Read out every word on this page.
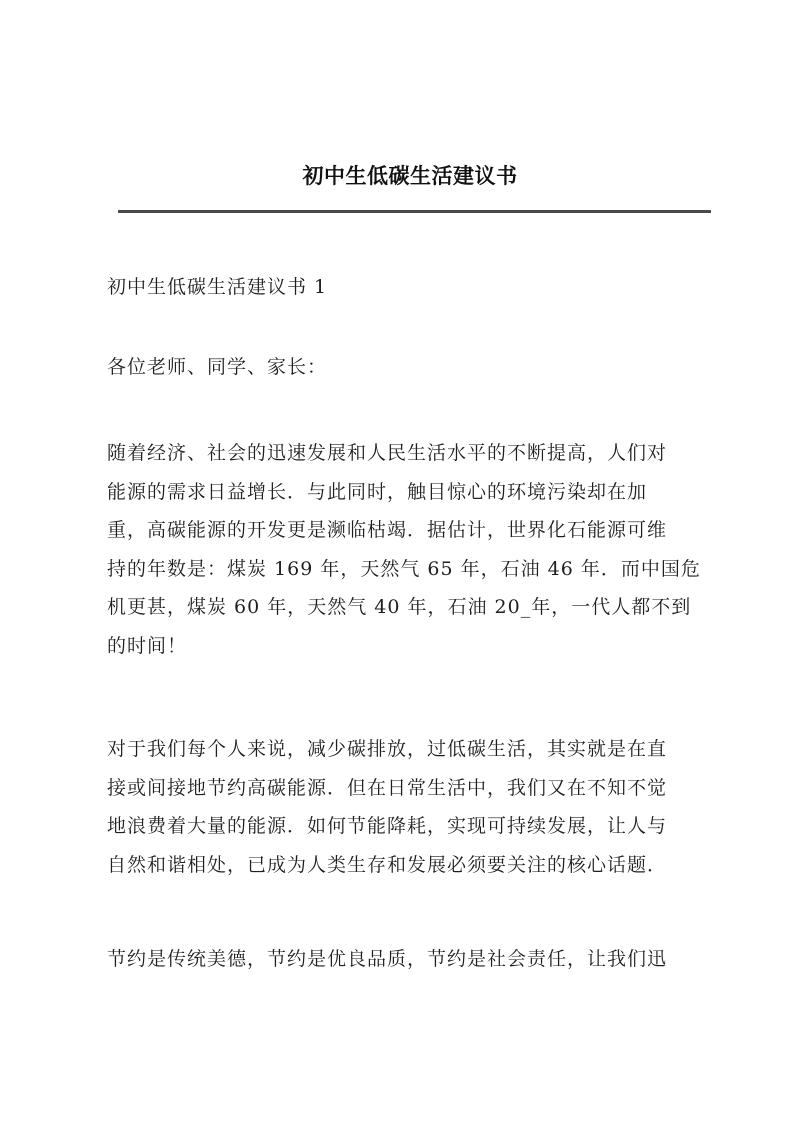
初中生低碳生活建议书
初中生低碳生活建议书 1
各位老师、同学、家长：
随着经济、社会的迅速发展和人民生活水平的不断提高，人们对
能源的需求日益增长．与此同时，触目惊心的环境污染却在加
重，高碳能源的开发更是濒临枯竭．据估计，世界化石能源可维
持的年数是：煤炭 169 年，天然气 65 年，石油 46 年．而中国危
机更甚，煤炭 60 年，天然气 40 年，石油 20_年，一代人都不到
的时间！
对于我们每个人来说，减少碳排放，过低碳生活，其实就是在直
接或间接地节约高碳能源．但在日常生活中，我们又在不知不觉
地浪费着大量的能源．如何节能降耗，实现可持续发展，让人与
自然和谐相处，已成为人类生存和发展必须要关注的核心话题．
节约是传统美德，节约是优良品质，节约是社会责任，让我们迅
